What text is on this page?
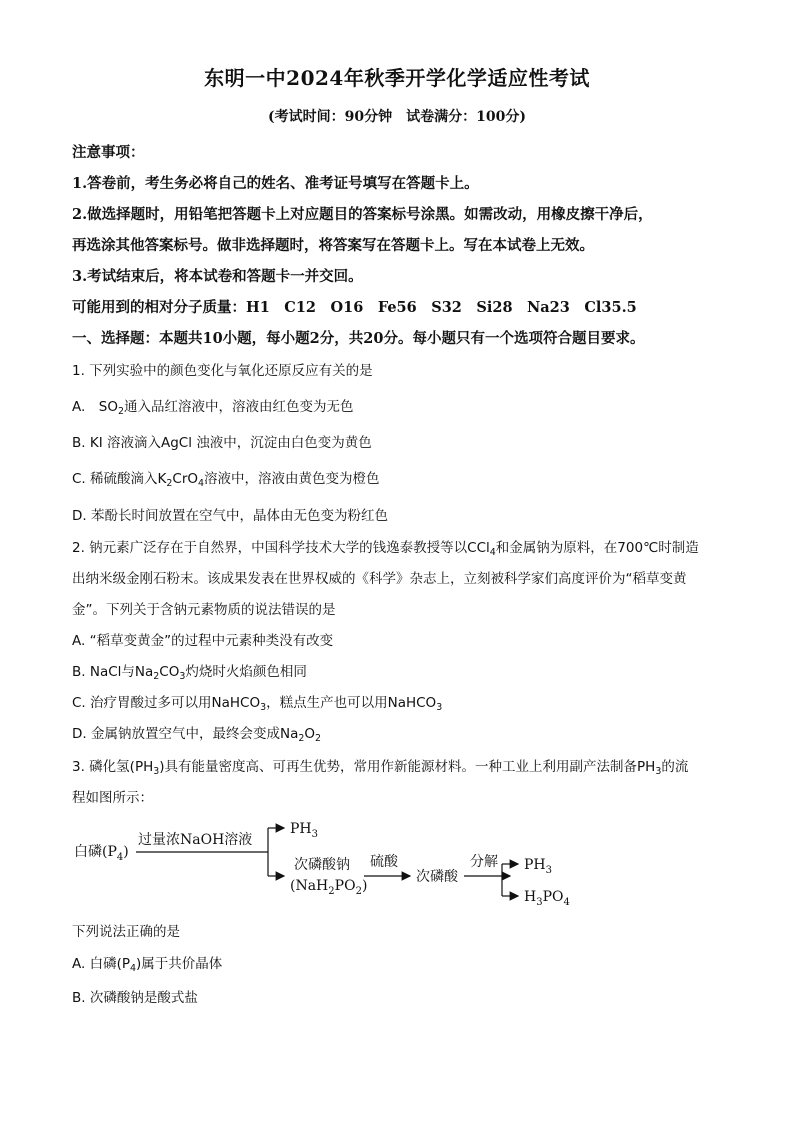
东明一中2024年秋季开学化学适应性考试
(考试时间：90分钟　试卷满分：100分)
注意事项：
1.答卷前，考生务必将自己的姓名、准考证号填写在答题卡上。
2.做选择题时，用铅笔把答题卡上对应题目的答案标号涂黑。如需改动，用橡皮擦干净后，
再选涂其他答案标号。做非选择题时，将答案写在答题卡上。写在本试卷上无效。
3.考试结束后，将本试卷和答题卡一并交回。
可能用到的相对分子质量：H1　C12　O16　Fe56　S32　Si28　Na23　Cl35.5
一、选择题：本题共10小题，每小题2分，共20分。每小题只有一个选项符合题目要求。
1. 下列实验中的颜色变化与氧化还原反应有关的是
A.　$SO_2$通入品红溶液中，溶液由红色变为无色
B. KI 溶液滴入AgCl 浊液中，沉淀由白色变为黄色
C. 稀硫酸滴入$K_2CrO_4$溶液中，溶液由黄色变为橙色
D. 苯酚长时间放置在空气中，晶体由无色变为粉红色
2. 钠元素广泛存在于自然界，中国科学技术大学的钱逸泰教授等以CCl$_4$和金属钠为原料，在700℃时制造
出纳米级金刚石粉末。该成果发表在世界权威的《科学》杂志上，立刻被科学家们高度评价为“稻草变黄
金”。下列关于含钠元素物质的说法错误的是
A. “稻草变黄金”的过程中元素种类没有改变
B. NaCl与$Na_2CO_3$灼烧时火焰颜色相同
C. 治疗胃酸过多可以用NaHCO$_3$，糕点生产也可以用NaHCO$_3$
D. 金属钠放置空气中，最终会变成$Na_2O_2$
3. 磷化氢$(PH_3)$具有能量密度高、可再生优势，常用作新能源材料。一种工业上利用副产法制备$PH_3$的流
程如图所示：
白磷$(P_4)$
过量浓NaOH溶液
$PH_3$
次磷酸钠
$(NaH_2PO_2)$
硫酸
次磷酸
分解 $PH_3$
$H_3PO_4$
下列说法正确的是
A. 白磷$(P_4)$属于共价晶体
B. 次磷酸钠是酸式盐
